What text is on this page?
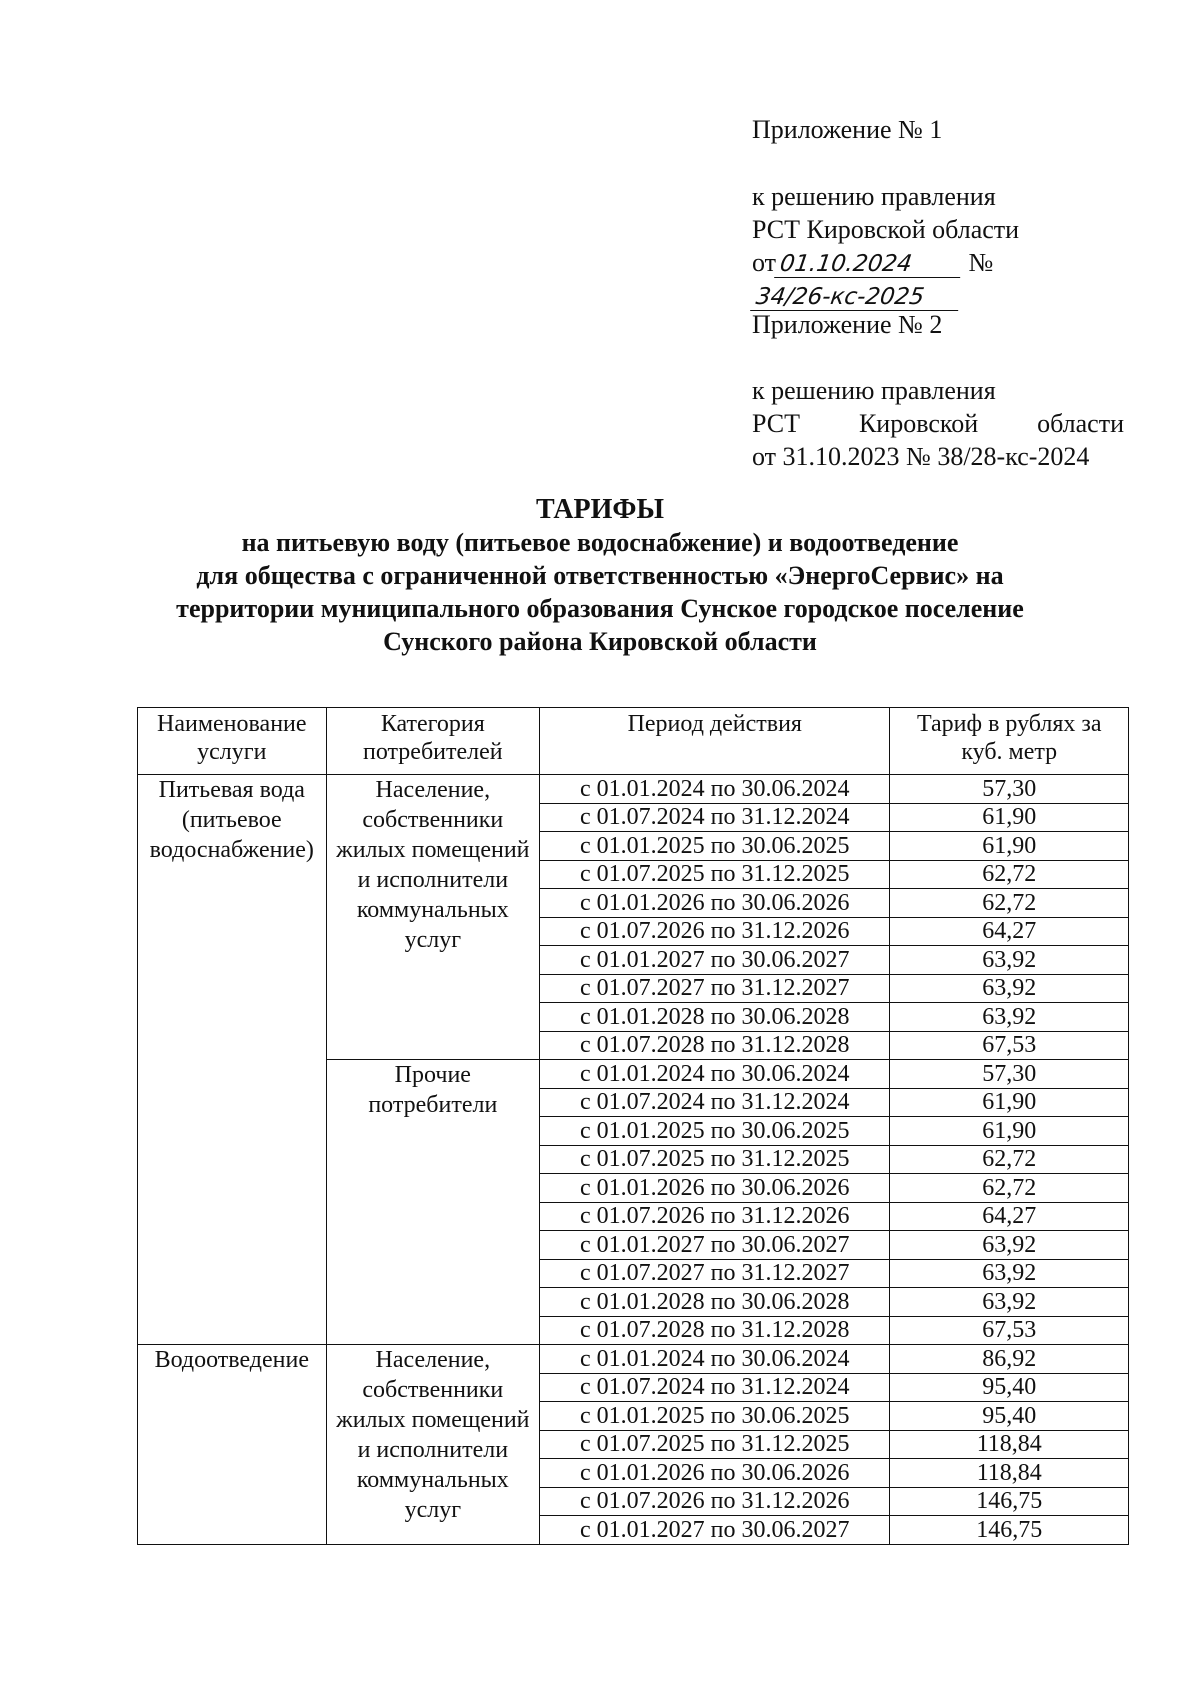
Приложение № 1
к решению правления
РСТ Кировской области
от01.10.2024 № 34/26-кс-2025
Приложение № 2
к решению правления
РСТ Кировской области
от 31.10.2023 № 38/28-кс-2024
ТАРИФЫ
на питьевую воду (питьевое водоснабжение) и водоотведение
для общества с ограниченной ответственностью «ЭнергоСервис» на
территории муниципального образования Сунское городское поселение
Сунского района Кировской области
Наименование услуги	Категория потребителей	Период действия	Тариф в рублях за куб. метр
Питьевая вода (питьевое водоснабжение)	Население, собственники жилых помещений и исполнители коммунальных услуг	с 01.01.2024 по 30.06.2024	57,30
		с 01.07.2024 по 31.12.2024	61,90
		с 01.01.2025 по 30.06.2025	61,90
		с 01.07.2025 по 31.12.2025	62,72
		с 01.01.2026 по 30.06.2026	62,72
		с 01.07.2026 по 31.12.2026	64,27
		с 01.01.2027 по 30.06.2027	63,92
		с 01.07.2027 по 31.12.2027	63,92
		с 01.01.2028 по 30.06.2028	63,92
		с 01.07.2028 по 31.12.2028	67,53
	Прочие потребители	с 01.01.2024 по 30.06.2024	57,30
		с 01.07.2024 по 31.12.2024	61,90
		с 01.01.2025 по 30.06.2025	61,90
		с 01.07.2025 по 31.12.2025	62,72
		с 01.01.2026 по 30.06.2026	62,72
		с 01.07.2026 по 31.12.2026	64,27
		с 01.01.2027 по 30.06.2027	63,92
		с 01.07.2027 по 31.12.2027	63,92
		с 01.01.2028 по 30.06.2028	63,92
		с 01.07.2028 по 31.12.2028	67,53
Водоотведение	Население, собственники жилых помещений и исполнители коммунальных услуг	с 01.01.2024 по 30.06.2024	86,92
		с 01.07.2024 по 31.12.2024	95,40
		с 01.01.2025 по 30.06.2025	95,40
		с 01.07.2025 по 31.12.2025	118,84
		с 01.01.2026 по 30.06.2026	118,84
		с 01.07.2026 по 31.12.2026	146,75
		с 01.01.2027 по 30.06.2027	146,75
